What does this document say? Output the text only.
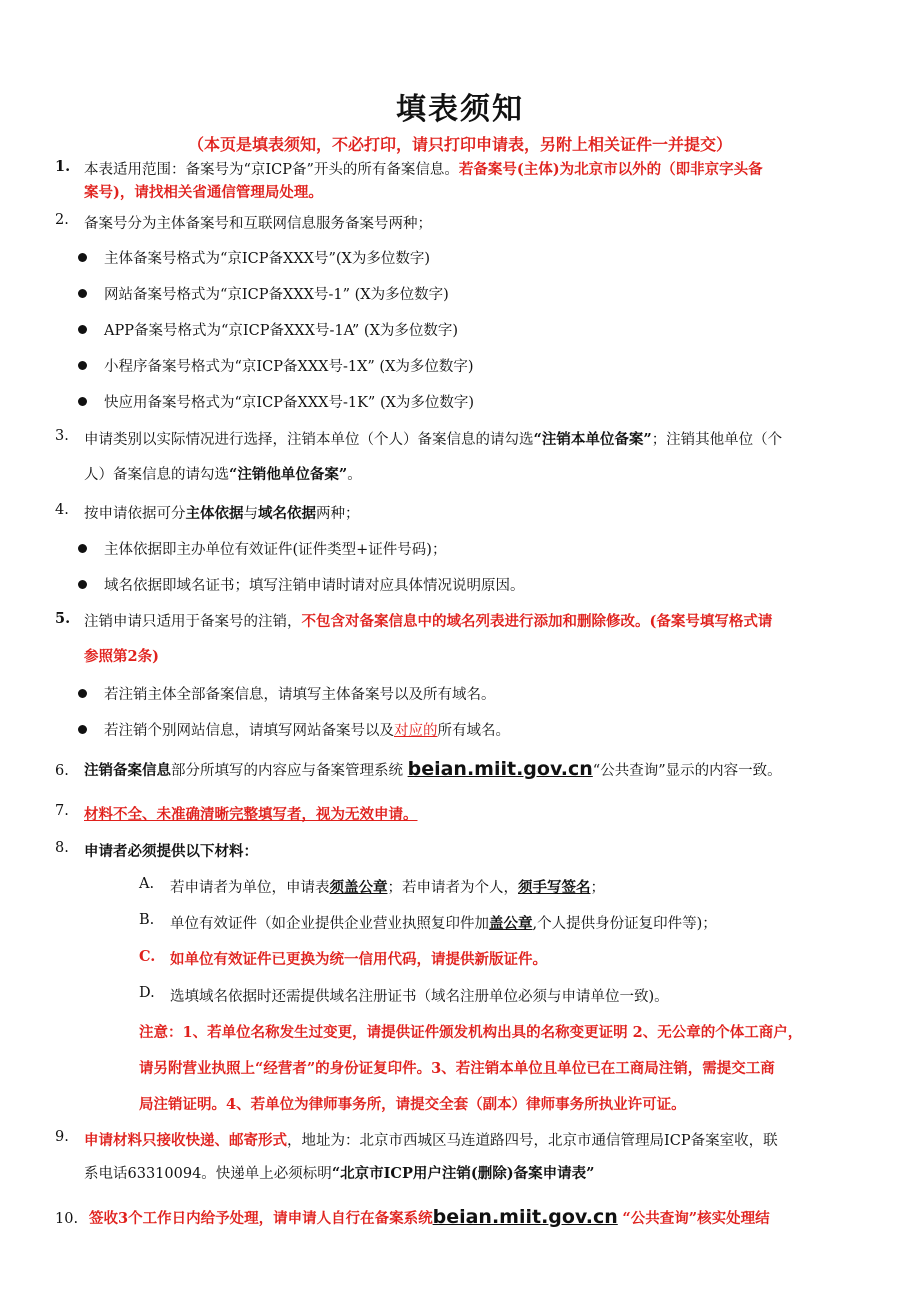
填表须知
（本页是填表须知，不必打印，请只打印申请表，另附上相关证件一并提交）
1. 本表适用范围：备案号为“京ICP备”开头的所有备案信息。若备案号(主体)为北京市以外的（即非京字头备
案号)，请找相关省通信管理局处理。
2. 备案号分为主体备案号和互联网信息服务备案号两种；
主体备案号格式为“京ICP备XXX号”(X为多位数字)
网站备案号格式为“京ICP备XXX号-1” (X为多位数字)
APP备案号格式为“京ICP备XXX号-1A” (X为多位数字)
小程序备案号格式为“京ICP备XXX号-1X” (X为多位数字)
快应用备案号格式为“京ICP备XXX号-1K” (X为多位数字)
3. 申请类别以实际情况进行选择，注销本单位（个人）备案信息的请勾选“注销本单位备案”；注销其他单位（个
人）备案信息的请勾选“注销他单位备案”。
4. 按申请依据可分主体依据与域名依据两种；
主体依据即主办单位有效证件(证件类型+证件号码)；
域名依据即域名证书；填写注销申请时请对应具体情况说明原因。
5. 注销申请只适用于备案号的注销，不包含对备案信息中的域名列表进行添加和删除修改。(备案号填写格式请
参照第2条)
若注销主体全部备案信息，请填写主体备案号以及所有域名。
若注销个别网站信息，请填写网站备案号以及对应的所有域名。
6. 注销备案信息部分所填写的内容应与备案管理系统 beian.miit.gov.cn“公共查询”显示的内容一致。
7. 材料不全、未准确清晰完整填写者，视为无效申请。
8. 申请者必须提供以下材料：
A. 若申请者为单位，申请表须盖公章；若申请者为个人，须手写签名；
B. 单位有效证件（如企业提供企业营业执照复印件加盖公章,个人提供身份证复印件等)；
C. 如单位有效证件已更换为统一信用代码，请提供新版证件。
D. 选填域名依据时还需提供域名注册证书（域名注册单位必须与申请单位一致)。
注意：1、若单位名称发生过变更，请提供证件颁发机构出具的名称变更证明 2、无公章的个体工商户，
请另附营业执照上“经营者”的身份证复印件。3、若注销本单位且单位已在工商局注销，需提交工商
局注销证明。4、若单位为律师事务所，请提交全套（副本）律师事务所执业许可证。
9. 申请材料只接收快递、邮寄形式，地址为：北京市西城区马连道路四号，北京市通信管理局ICP备案室收，联
系电话63310094。快递单上必须标明“北京市ICP用户注销(删除)备案申请表”
10. 签收3个工作日内给予处理，请申请人自行在备案系统beian.miit.gov.cn “公共查询”核实处理结
